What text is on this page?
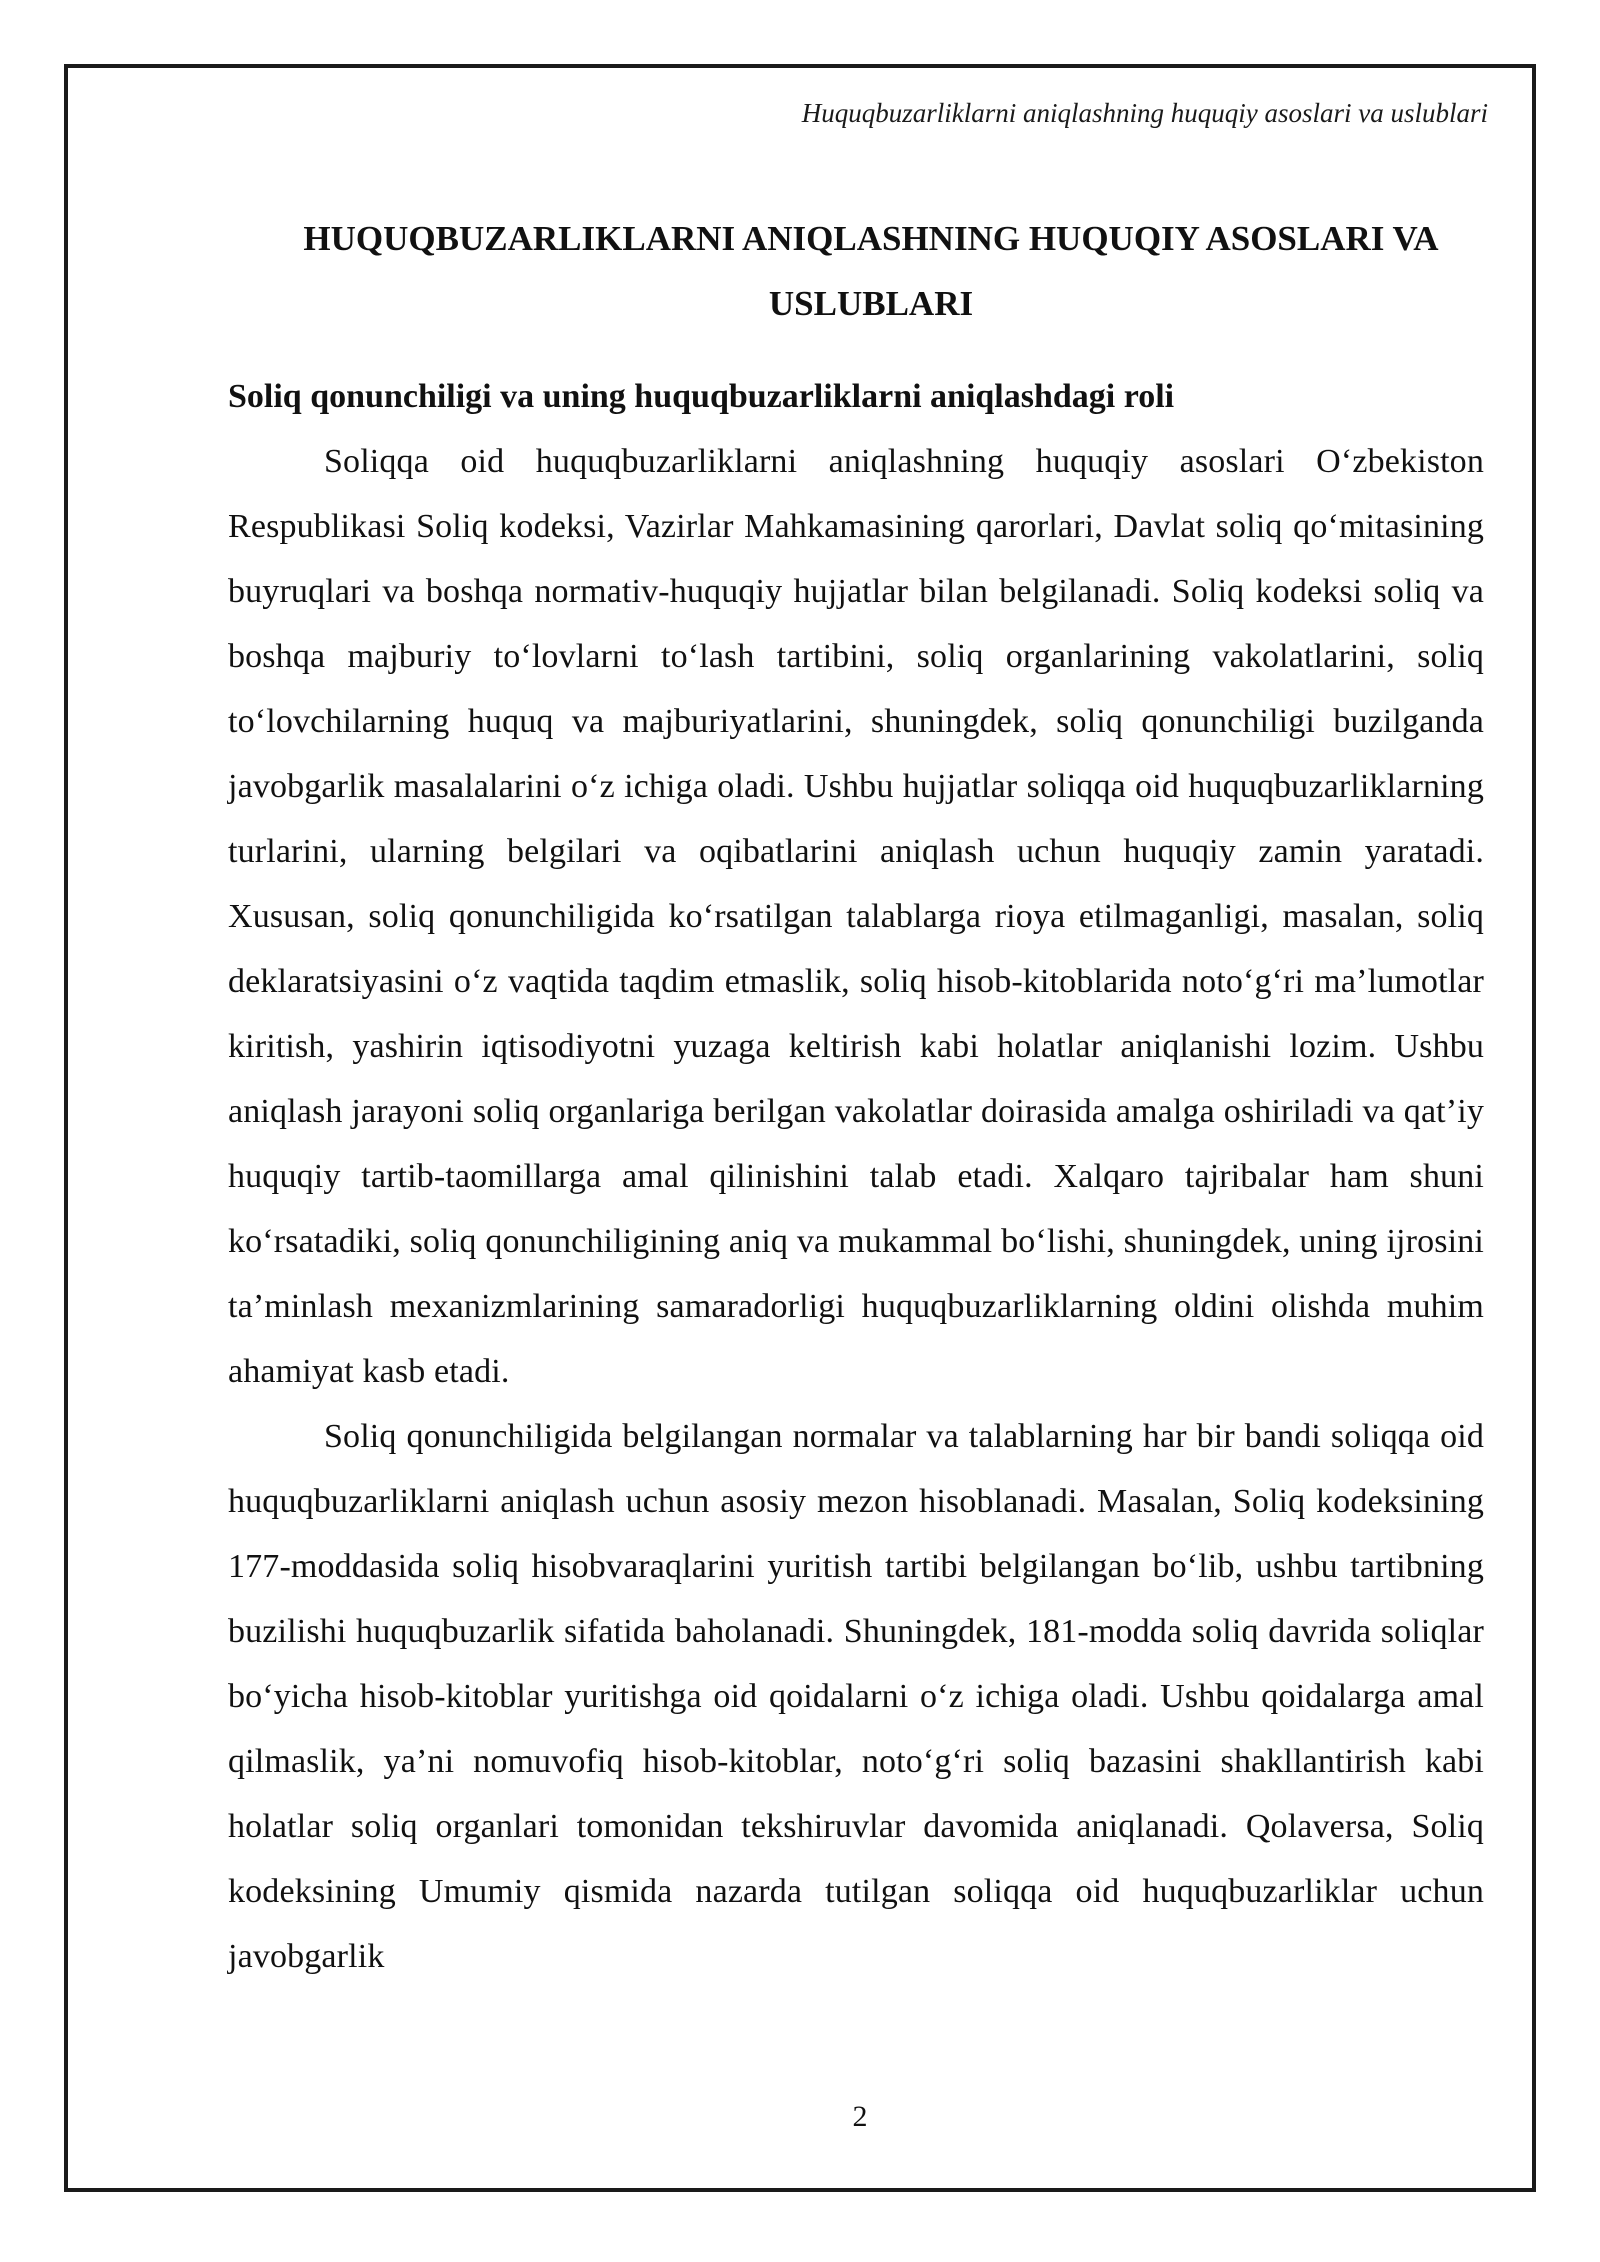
Huquqbuzarliklarni aniqlashning huquqiy asoslari va uslublari
HUQUQBUZARLIKLARNI ANIQLASHNING HUQUQIY ASOSLARI VA USLUBLARI
Soliq qonunchiligi va uning huquqbuzarliklarni aniqlashdagi roli

Soliqqa oid huquqbuzarliklarni aniqlashning huquqiy asoslari O‘zbekiston Respublikasi Soliq kodeksi, Vazirlar Mahkamasining qarorlari, Davlat soliq qo‘mitasining buyruqlari va boshqa normativ-huquqiy hujjatlar bilan belgilanadi. Soliq kodeksi soliq va boshqa majburiy to‘lovlarni to‘lash tartibini, soliq organlarining vakolatlarini, soliq to‘lovchilarning huquq va majburiyatlarini, shuningdek, soliq qonunchiligi buzilganda javobgarlik masalalarini o‘z ichiga oladi. Ushbu hujjatlar soliqqa oid huquqbuzarliklarning turlarini, ularning belgilari va oqibatlarini aniqlash uchun huquqiy zamin yaratadi. Xususan, soliq qonunchiligida ko‘rsatilgan talablarga rioya etilmaganligi, masalan, soliq deklaratsiyasini o‘z vaqtida taqdim etmaslik, soliq hisob-kitoblarida noto‘g‘ri ma’lumotlar kiritish, yashirin iqtisodiyotni yuzaga keltirish kabi holatlar aniqlanishi lozim. Ushbu aniqlash jarayoni soliq organlariga berilgan vakolatlar doirasida amalga oshiriladi va qat’iy huquqiy tartib-taomillarga amal qilinishini talab etadi. Xalqaro tajribalar ham shuni ko‘rsatadiki, soliq qonunchiligining aniq va mukammal bo‘lishi, shuningdek, uning ijrosini ta’minlash mexanizmlarining samaradorligi huquqbuzarliklarning oldini olishda muhim ahamiyat kasb etadi.

Soliq qonunchiligida belgilangan normalar va talablarning har bir bandi soliqqa oid huquqbuzarliklarni aniqlash uchun asosiy mezon hisoblanadi. Masalan, Soliq kodeksining 177-moddasida soliq hisobvaraqlarini yuritish tartibi belgilangan bo‘lib, ushbu tartibning buzilishi huquqbuzarlik sifatida baholanadi. Shuningdek, 181-modda soliq davrida soliqlar bo‘yicha hisob-kitoblar yuritishga oid qoidalarni o‘z ichiga oladi. Ushbu qoidalarga amal qilmaslik, ya’ni nomuvofiq hisob-kitoblar, noto‘g‘ri soliq bazasini shakllantirish kabi holatlar soliq organlari tomonidan tekshiruvlar davomida aniqlanadi. Qolaversa, Soliq kodeksining Umumiy qismida nazarda tutilgan soliqqa oid huquqbuzarliklar uchun javobgarlik

2
